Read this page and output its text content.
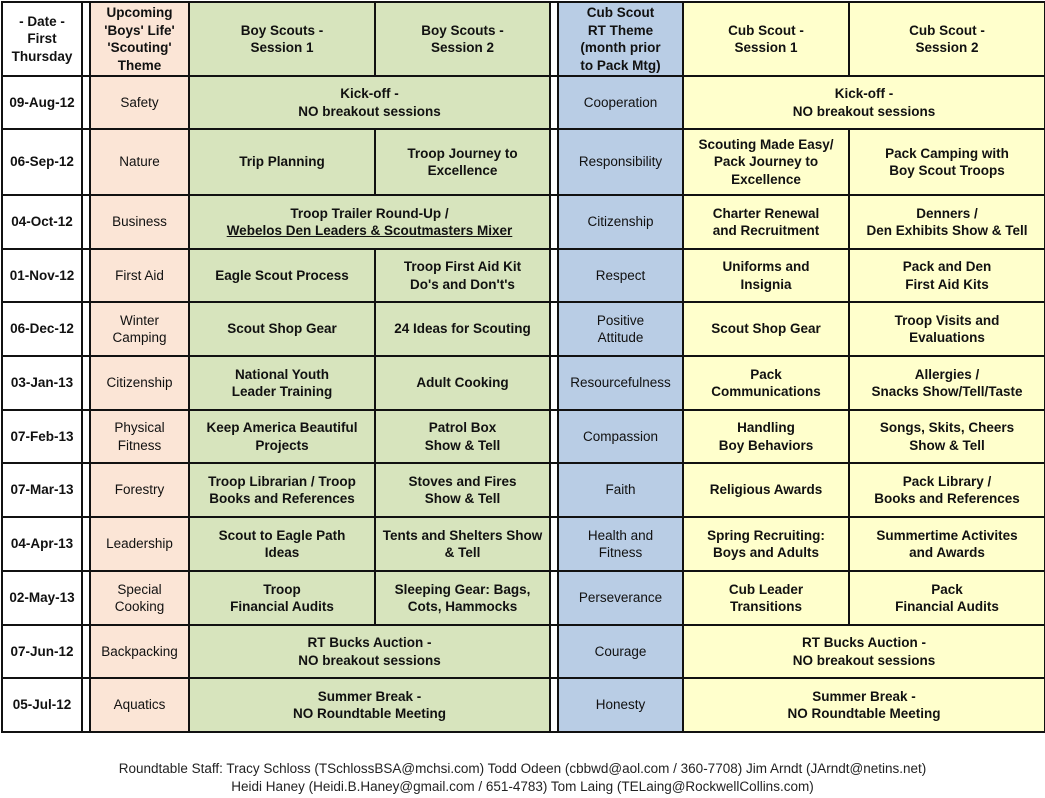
- Date -
First
Thursday		Upcoming
'Boys' Life'
'Scouting'
Theme	Boy Scouts -
Session 1	Boy Scouts -
Session 2		Cub Scout
RT Theme
(month prior
to Pack Mtg)	Cub Scout -
Session 1	Cub Scout -
Session 2

09-Aug-12		Safety	Kick-off -
NO breakout sessions			Cooperation	Kick-off -
NO breakout sessions	

06-Sep-12		Nature	Trip Planning	Troop Journey to
Excellence		Responsibility	Scouting Made Easy/
Pack Journey to
Excellence	Pack Camping with
Boy Scout Troops

04-Oct-12		Business	Troop Trailer Round-Up /
Webelos Den Leaders & Scoutmasters Mixer			Citizenship	Charter Renewal
and Recruitment	Denners /
Den Exhibits Show & Tell

01-Nov-12		First Aid	Eagle Scout Process	Troop First Aid Kit
Do's and Don't's		Respect	Uniforms and
Insignia	Pack and Den
First Aid Kits

06-Dec-12		Winter
Camping	Scout Shop Gear	24 Ideas for Scouting		Positive
Attitude	Scout Shop Gear	Troop Visits and
Evaluations

03-Jan-13		Citizenship	National Youth
Leader Training	Adult Cooking		Resourcefulness	Pack
Communications	Allergies /
Snacks Show/Tell/Taste

07-Feb-13		Physical
Fitness	Keep America Beautiful
Projects	Patrol Box
Show & Tell		Compassion	Handling
Boy Behaviors	Songs, Skits, Cheers
Show & Tell

07-Mar-13		Forestry	Troop Librarian / Troop
Books and References	Stoves and Fires
Show & Tell		Faith	Religious Awards	Pack Library /
Books and References

04-Apr-13		Leadership	Scout to Eagle Path
Ideas	Tents and Shelters Show
& Tell		Health and
Fitness	Spring Recruiting:
Boys and Adults	Summertime Activites
and Awards

02-May-13		Special
Cooking	Troop
Financial Audits	Sleeping Gear: Bags,
Cots, Hammocks		Perseverance	Cub Leader
Transitions	Pack
Financial Audits

07-Jun-12		Backpacking	RT Bucks Auction -
NO breakout sessions			Courage	RT Bucks Auction -
NO breakout sessions	

05-Jul-12		Aquatics	Summer Break -
NO Roundtable Meeting			Honesty	Summer Break -
NO Roundtable Meeting	
Roundtable Staff: Tracy Schloss (TSchlossBSA@mchsi.com) Todd Odeen (cbbwd@aol.com / 360-7708) Jim Arndt (JArndt@netins.net)
Heidi Haney (Heidi.B.Haney@gmail.com / 651-4783) Tom Laing (TELaing@RockwellCollins.com)
